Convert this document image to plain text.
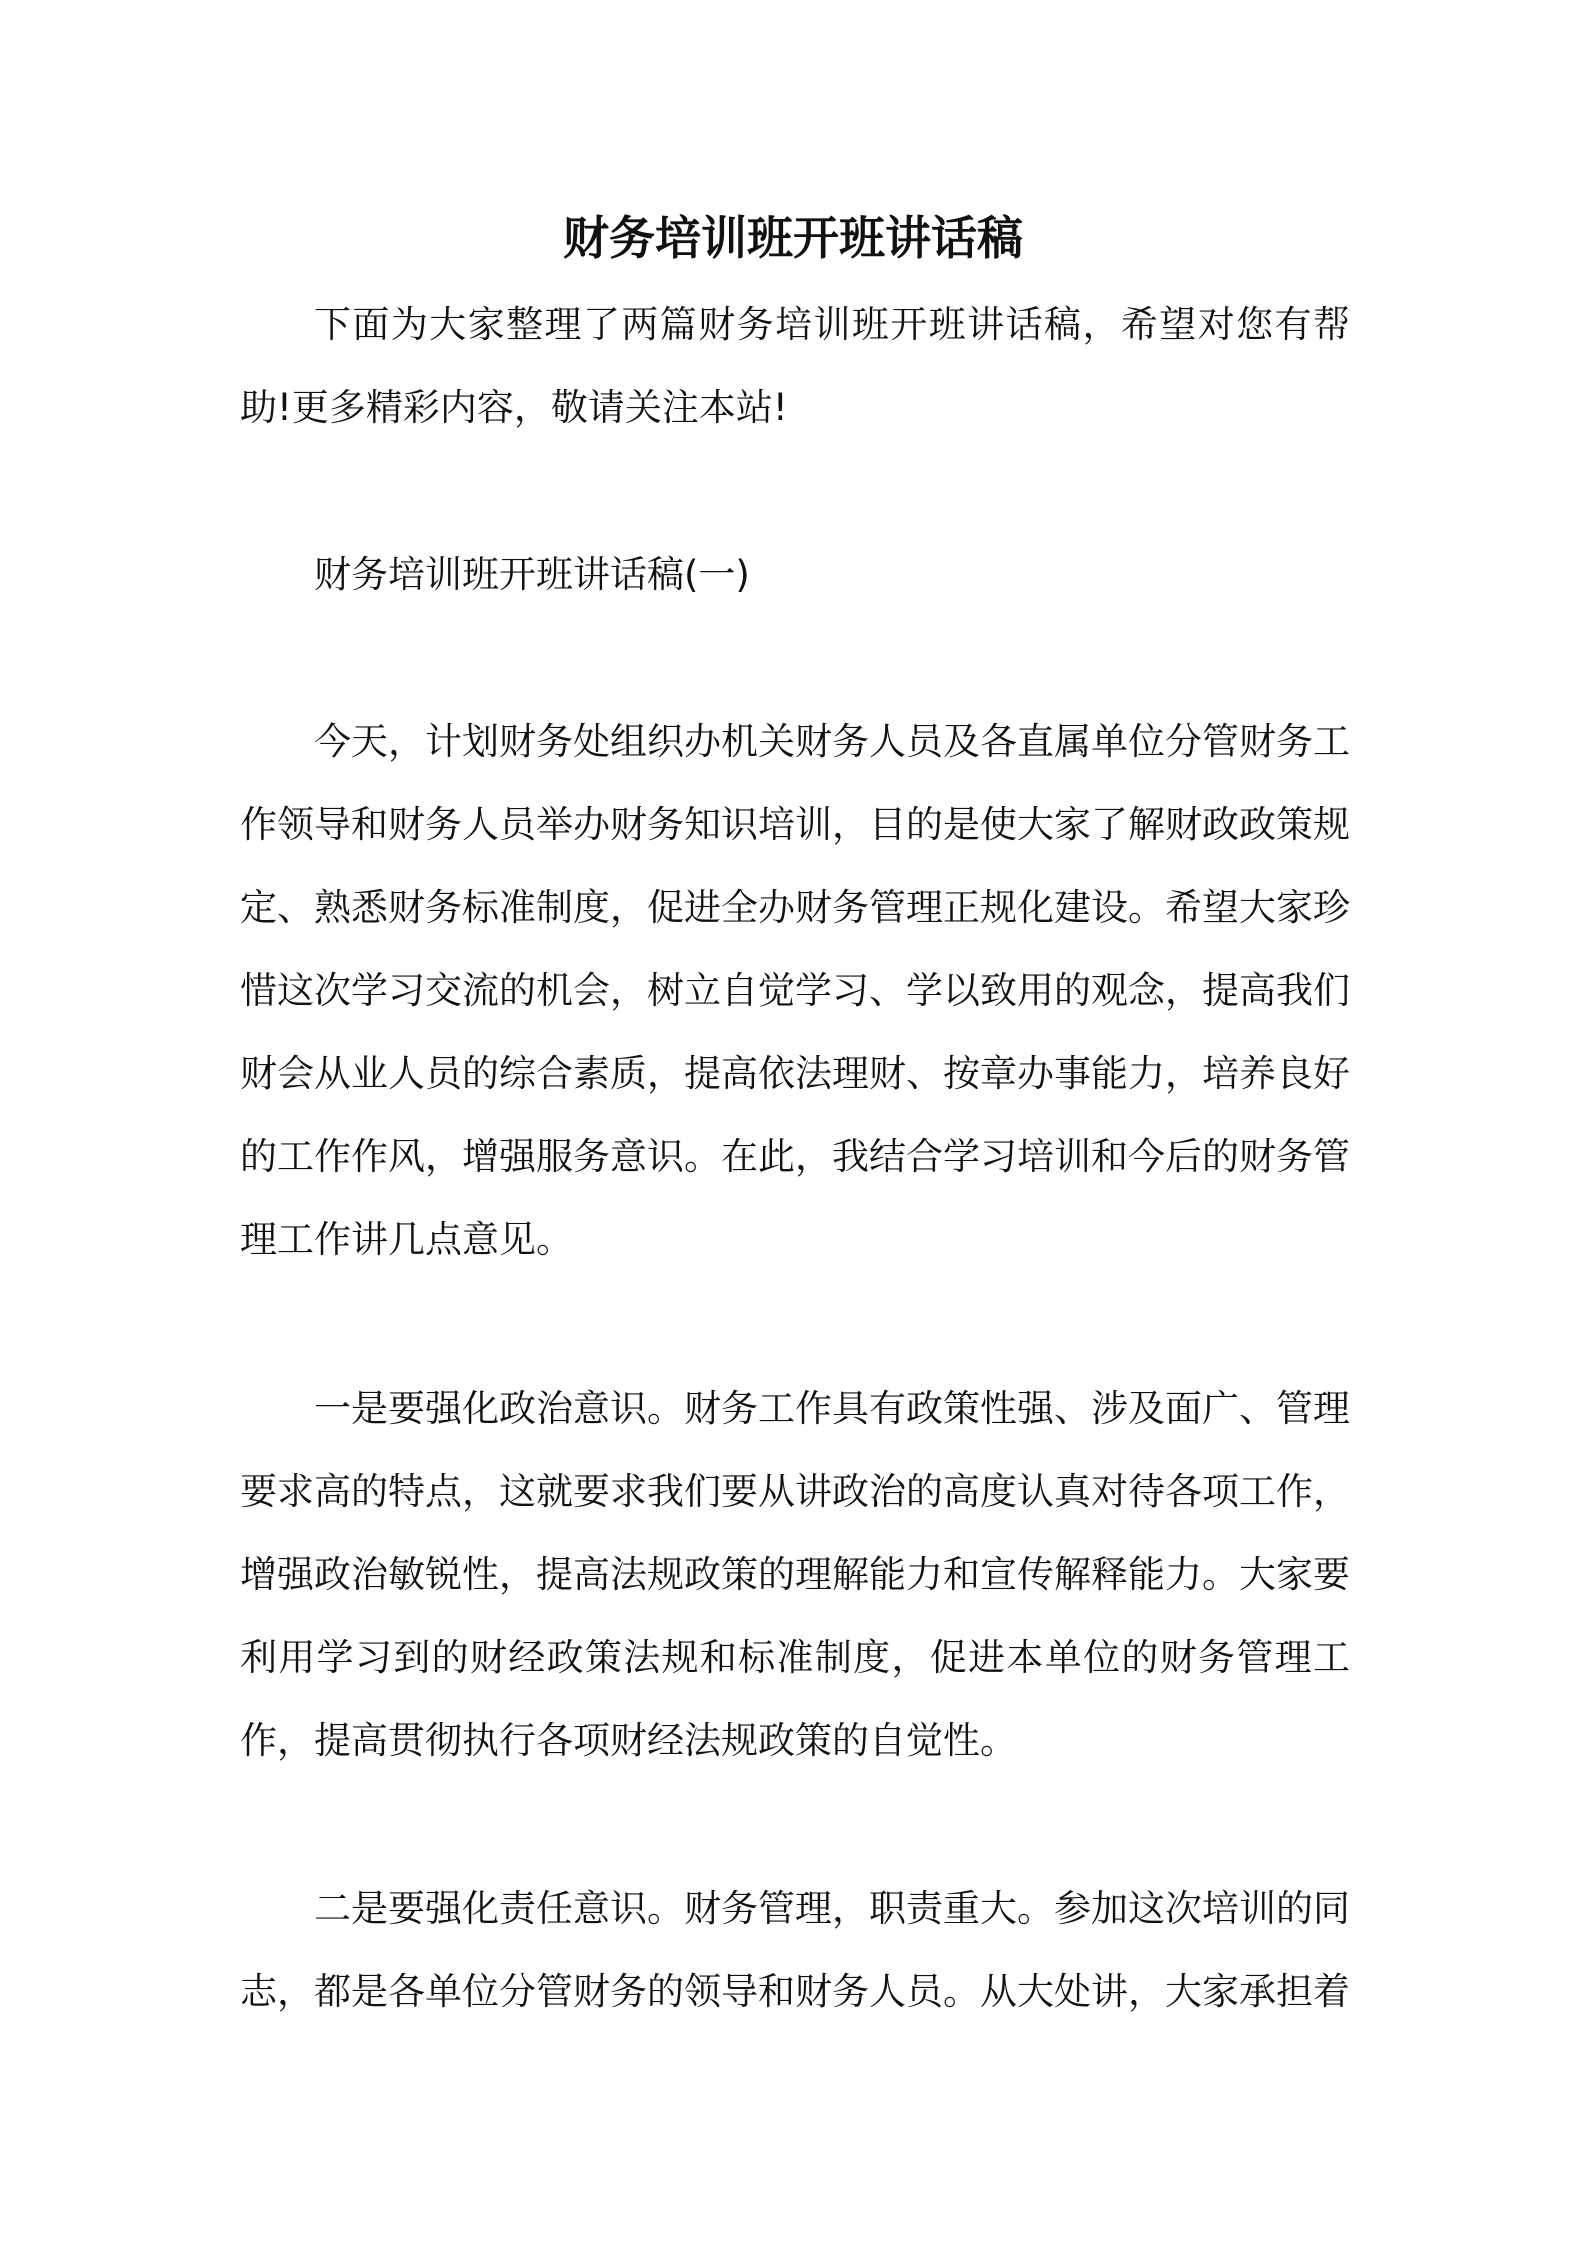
财务培训班开班讲话稿

下面为大家整理了两篇财务培训班开班讲话稿，希望对您有帮助!更多精彩内容，敬请关注本站!

财务培训班开班讲话稿(一)

今天，计划财务处组织办机关财务人员及各直属单位分管财务工作领导和财务人员举办财务知识培训，目的是使大家了解财政政策规定、熟悉财务标准制度，促进全办财务管理正规化建设。希望大家珍惜这次学习交流的机会，树立自觉学习、学以致用的观念，提高我们财会从业人员的综合素质，提高依法理财、按章办事能力，培养良好的工作作风，增强服务意识。在此，我结合学习培训和今后的财务管理工作讲几点意见。

一是要强化政治意识。财务工作具有政策性强、涉及面广、管理要求高的特点，这就要求我们要从讲政治的高度认真对待各项工作，增强政治敏锐性，提高法规政策的理解能力和宣传解释能力。大家要利用学习到的财经政策法规和标准制度，促进本单位的财务管理工作，提高贯彻执行各项财经法规政策的自觉性。

二是要强化责任意识。财务管理，职责重大。参加这次培训的同志，都是各单位分管财务的领导和财务人员。从大处讲，大家承担着
